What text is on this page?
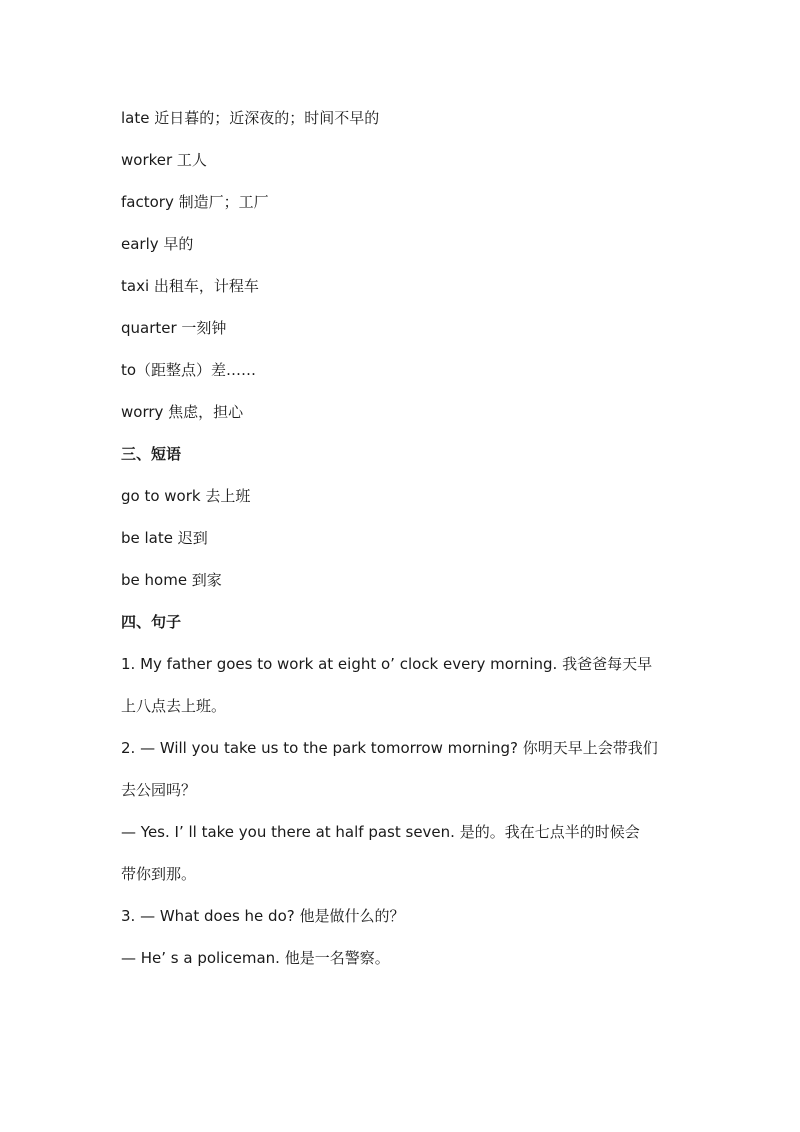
late 近日暮的；近深夜的；时间不早的
worker 工人
factory 制造厂；工厂
early 早的
taxi 出租车，计程车
quarter 一刻钟
to（距整点）差……
worry 焦虑，担心
三、短语
go to work 去上班
be late 迟到
be home 到家
四、句子
1. My father goes to work at eight o’ clock every morning. 我爸爸每天早
上八点去上班。
2. — Will you take us to the park tomorrow morning? 你明天早上会带我们
去公园吗？
— Yes. I’ ll take you there at half past seven. 是的。我在七点半的时候会
带你到那。
3. — What does he do? 他是做什么的？
— He’ s a policeman. 他是一名警察。
